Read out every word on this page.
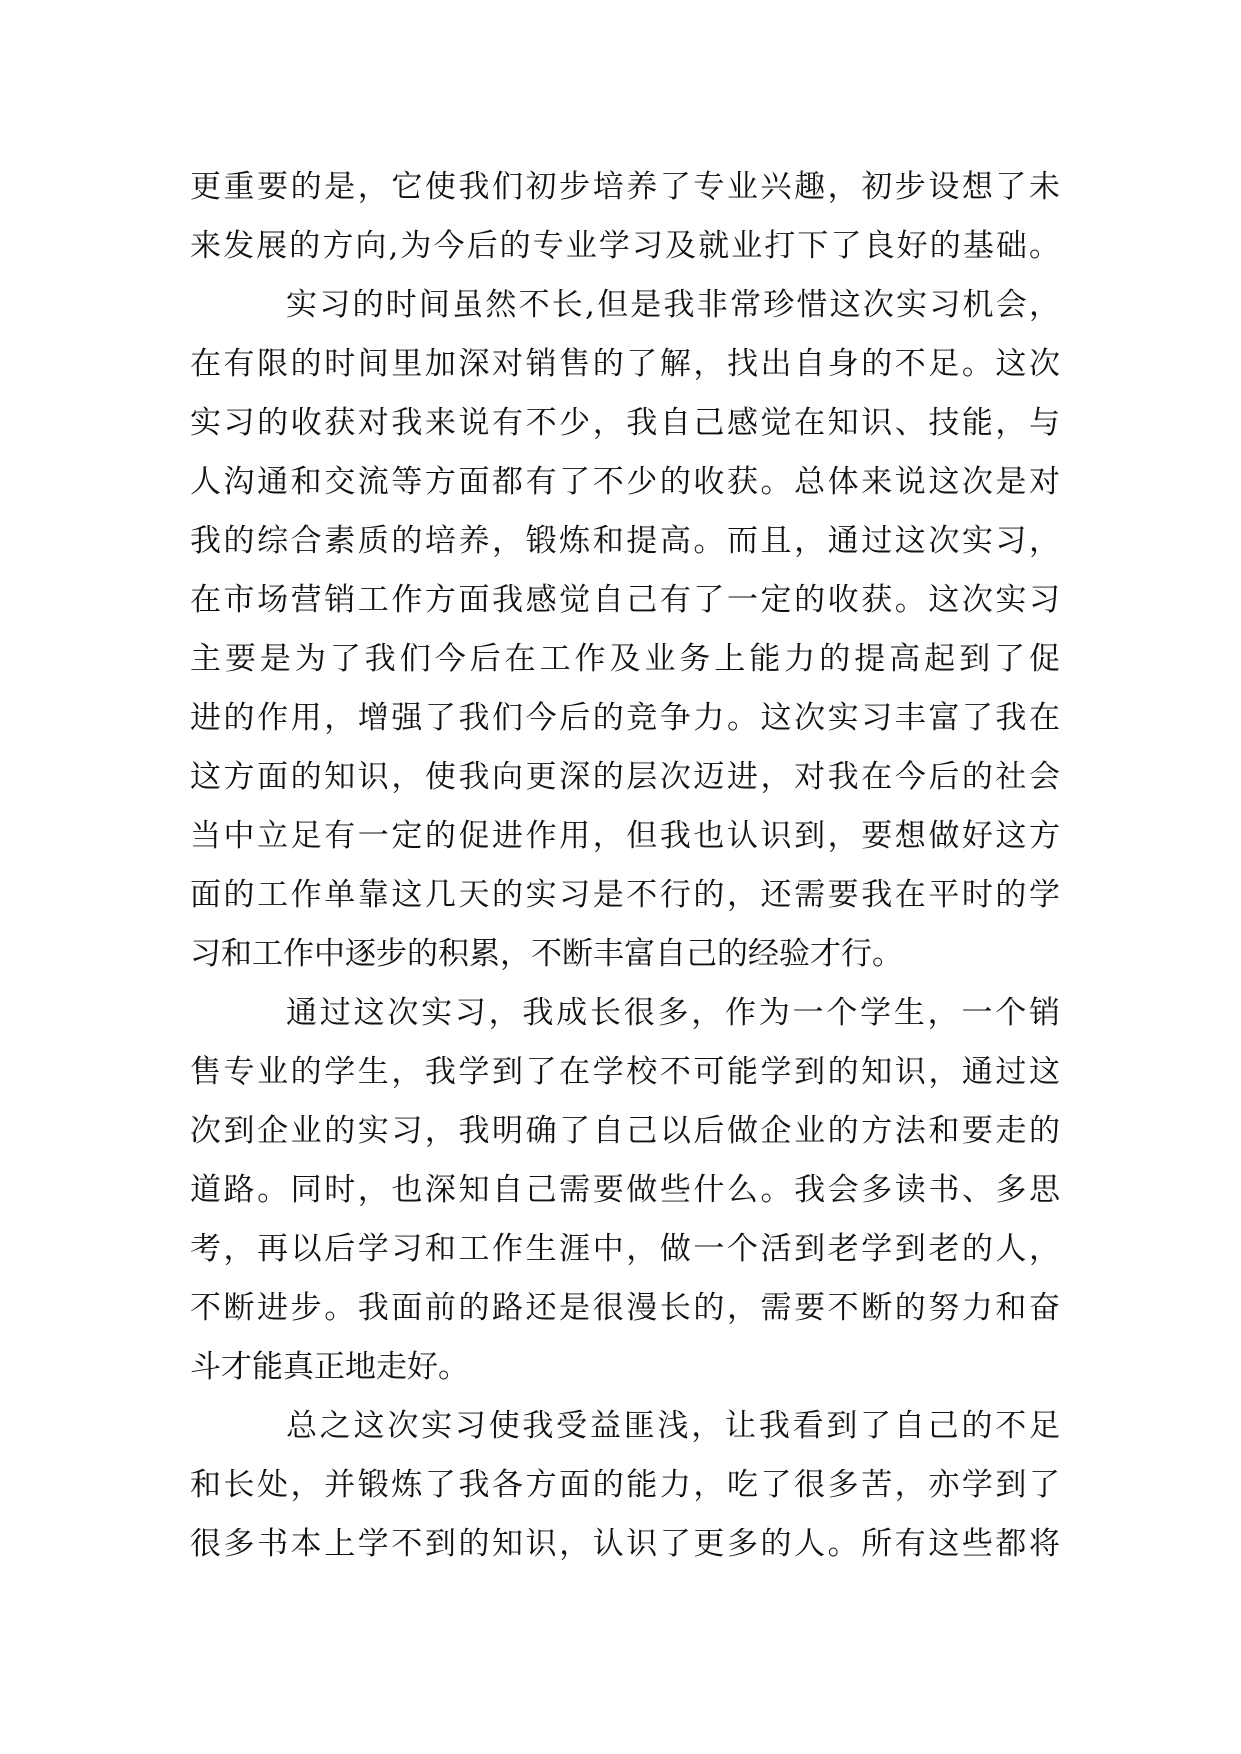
更重要的是，它使我们初步培养了专业兴趣，初步设想了未
来发展的方向,为今后的专业学习及就业打下了良好的基础。
实习的时间虽然不长,但是我非常珍惜这次实习机会，
在有限的时间里加深对销售的了解，找出自身的不足。这次
实习的收获对我来说有不少，我自己感觉在知识、技能，与
人沟通和交流等方面都有了不少的收获。总体来说这次是对
我的综合素质的培养，锻炼和提高。而且，通过这次实习，
在市场营销工作方面我感觉自己有了一定的收获。这次实习
主要是为了我们今后在工作及业务上能力的提高起到了促
进的作用，增强了我们今后的竞争力。这次实习丰富了我在
这方面的知识，使我向更深的层次迈进，对我在今后的社会
当中立足有一定的促进作用，但我也认识到，要想做好这方
面的工作单靠这几天的实习是不行的，还需要我在平时的学
习和工作中逐步的积累，不断丰富自己的经验才行。
通过这次实习，我成长很多，作为一个学生，一个销
售专业的学生，我学到了在学校不可能学到的知识，通过这
次到企业的实习，我明确了自己以后做企业的方法和要走的
道路。同时，也深知自己需要做些什么。我会多读书、多思
考，再以后学习和工作生涯中，做一个活到老学到老的人，
不断进步。我面前的路还是很漫长的，需要不断的努力和奋
斗才能真正地走好。
总之这次实习使我受益匪浅，让我看到了自己的不足
和长处，并锻炼了我各方面的能力，吃了很多苦，亦学到了
很多书本上学不到的知识，认识了更多的人。所有这些都将
